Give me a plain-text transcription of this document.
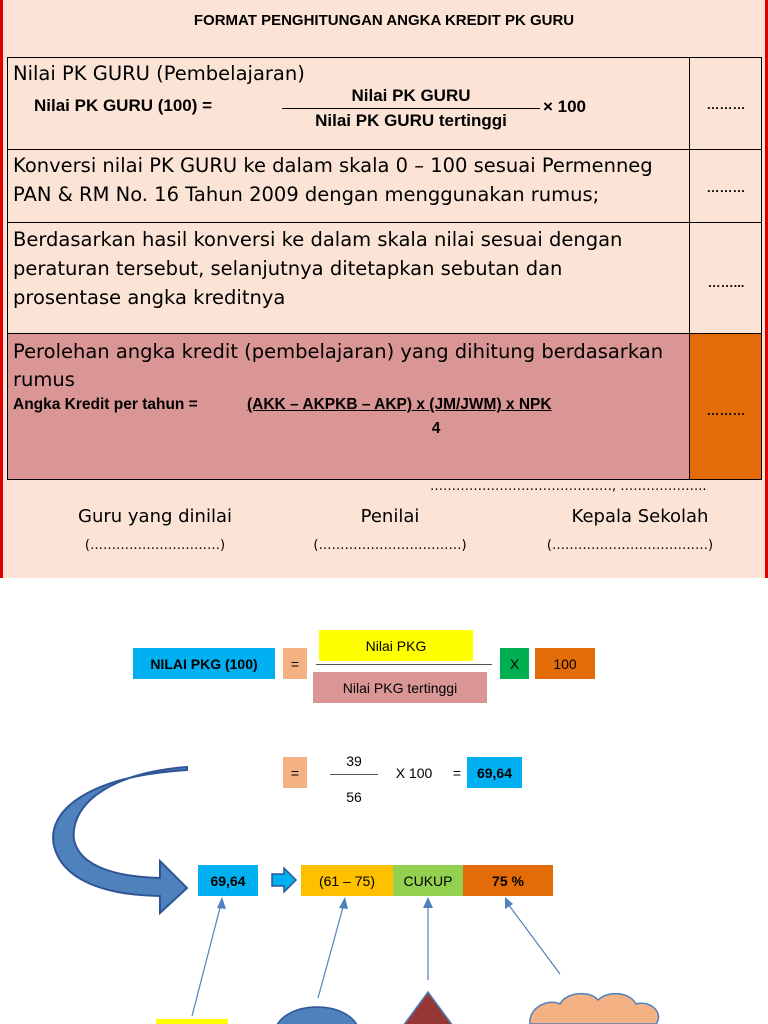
FORMAT PENGHITUNGAN ANGKA KREDIT PK GURU
Nilai PK GURU (Pembelajaran)
Nilai PK GURU (100) =
Nilai PK GURU
Nilai PK GURU tertinggi
× 100	………
Konversi nilai PK GURU ke dalam skala 0 – 100 sesuai Permenneg
PAN & RM No. 16 Tahun 2009 dengan menggunakan rumus;	………
Berdasarkan hasil konversi ke dalam skala nilai sesuai dengan
peraturan tersebut, selanjutnya ditetapkan sebutan dan
prosentase angka kreditnya
……...
Perolehan angka kredit (pembelajaran) yang dihitung berdasarkan
rumus
Angka Kredit per tahun =	(AKK – AKPKB – AKP) x (JM/JWM) x NPK
4
………
……………………………………, ………………..
Guru yang dinilai	Penilai	Kepala Sekolah
(…………………………)	(……………………………)	(………………………………)
NILAI PKG (100)	=
Nilai PKG
Nilai PKG tertinggi
X	100
=
39
56
X 100	=	69,64
69,64	(61 – 75)	CUKUP	75 %
